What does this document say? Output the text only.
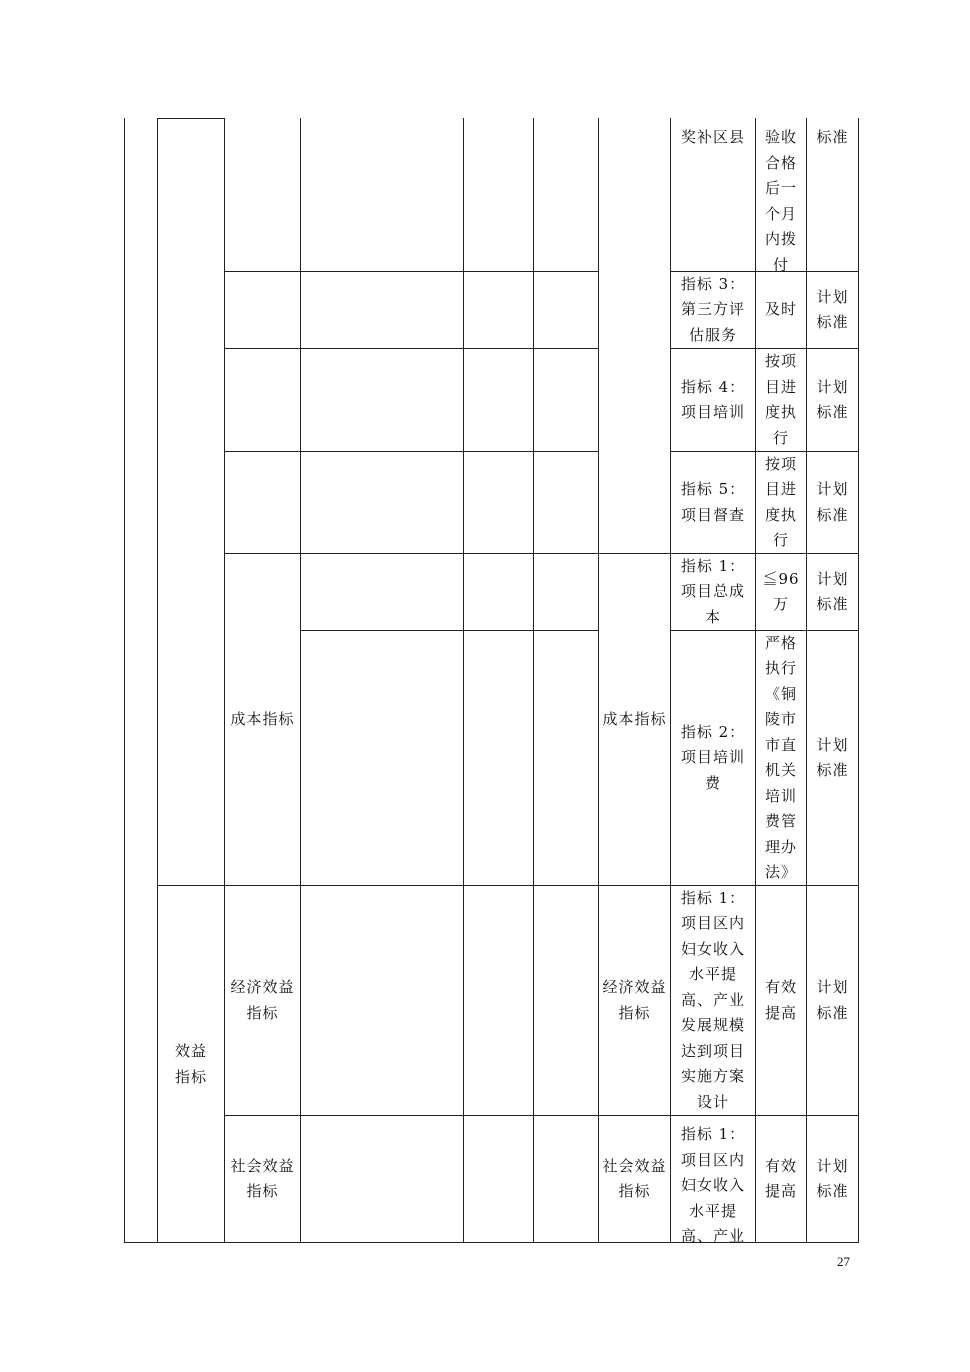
奖补区县	验收合格后一个月内拨付
标准
指标 3：第三方评估服务
及时
计划标准
指标 4：项目培训
按项目进度执行
计划标准
指标 5：项目督查
按项目进度执行
计划标准
成本指标	成本指标
指标 1：项目总成本
≦96万
计划标准
指标 2：项目培训费
严格执行《铜陵市市直机关培训费管理办法》
计划标准
效益指标
经济效益指标
经济效益指标
指标 1：项目区内妇女收入水平提高、产业发展规模达到项目实施方案设计
有效提高
计划标准
社会效益指标
社会效益指标
指标 1：项目区内妇女收入水平提高、产业
有效提高
计划标准
27
